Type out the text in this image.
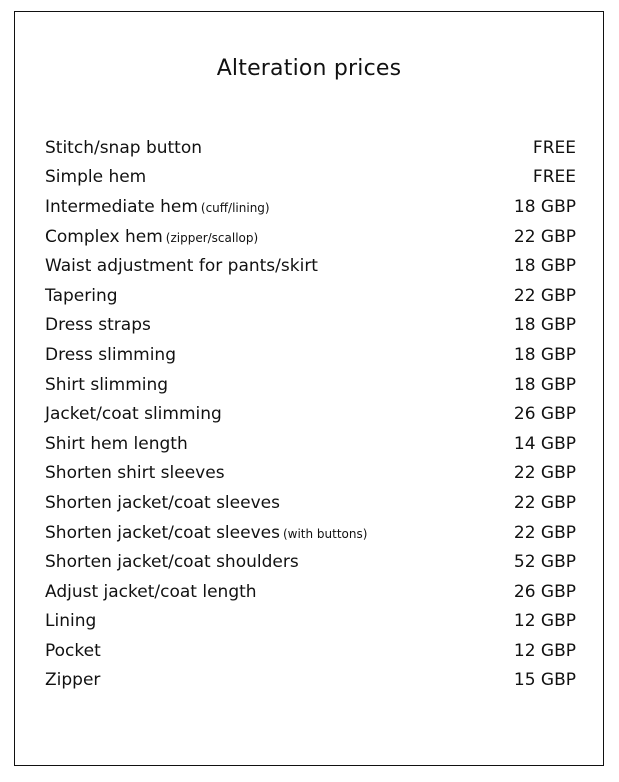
Alteration prices
Stitch/snap button	FREE
Simple hem	FREE
Intermediate hem (cuff/lining)	18 GBP
Complex hem (zipper/scallop)	22 GBP
Waist adjustment for pants/skirt	18 GBP
Tapering	22 GBP
Dress straps	18 GBP
Dress slimming	18 GBP
Shirt slimming	18 GBP
Jacket/coat slimming	26 GBP
Shirt hem length	14 GBP
Shorten shirt sleeves	22 GBP
Shorten jacket/coat sleeves	22 GBP
Shorten jacket/coat sleeves (with buttons)	22 GBP
Shorten jacket/coat shoulders	52 GBP
Adjust jacket/coat length	26 GBP
Lining	12 GBP
Pocket	12 GBP
Zipper	15 GBP
